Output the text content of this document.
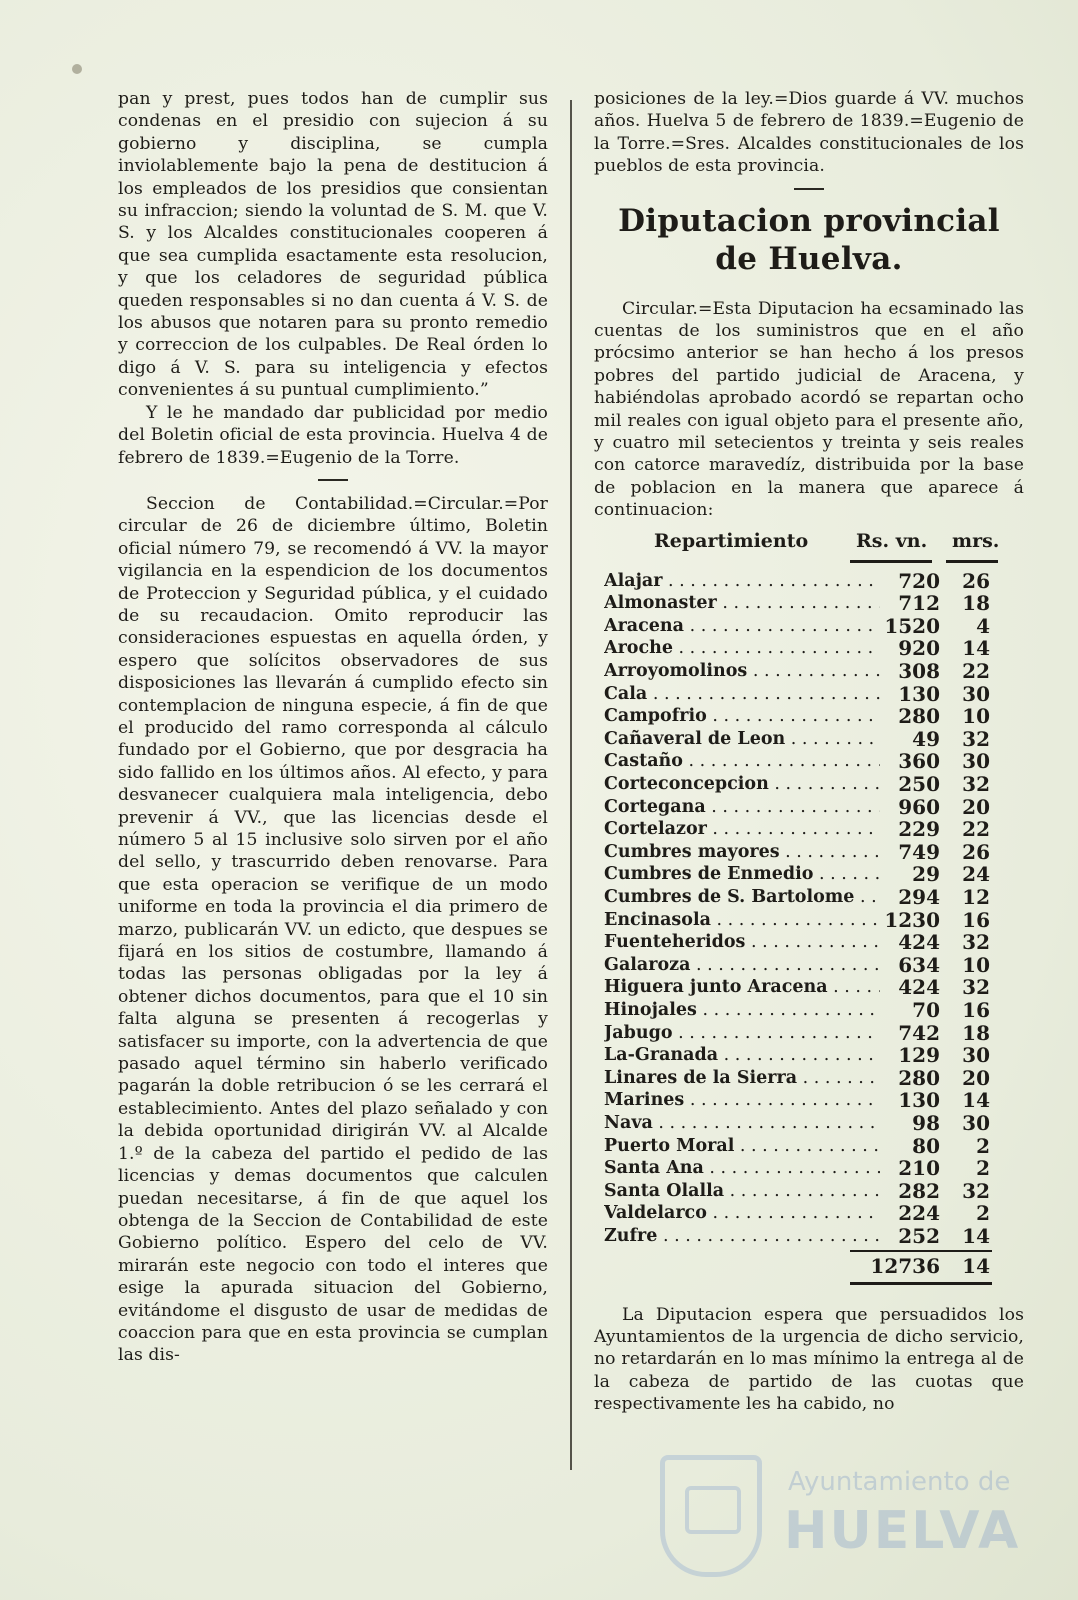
pan y prest, pues todos han de cumplir sus condenas en el presidio con sujecion á su gobierno y disciplina, se cumpla inviolablemente bajo la pena de destitucion á los empleados de los presidios que consientan su infraccion; siendo la voluntad de S. M. que V. S. y los Alcaldes constitucionales cooperen á que sea cumplida esactamente esta resolucion, y que los celadores de seguridad pública queden responsables si no dan cuenta á V. S. de los abusos que notaren para su pronto remedio y correccion de los culpables. De Real órden lo digo á V. S. para su inteligencia y efectos convenientes á su puntual cumplimiento.”

Y le he mandado dar publicidad por medio del Boletin oficial de esta provincia. Huelva 4 de febrero de 1839.=Eugenio de la Torre.

Seccion de Contabilidad.=Circular.=Por circular de 26 de diciembre último, Boletin oficial número 79, se recomendó á VV. la mayor vigilancia en la espendicion de los documentos de Proteccion y Seguridad pública, y el cuidado de su recaudacion. Omito reproducir las consideraciones espuestas en aquella órden, y espero que solícitos observadores de sus disposiciones las llevarán á cumplido efecto sin contemplacion de ninguna especie, á fin de que el producido del ramo corresponda al cálculo fundado por el Gobierno, que por desgracia ha sido fallido en los últimos años. Al efecto, y para desvanecer cualquiera mala inteligencia, debo prevenir á VV., que las licencias desde el número 5 al 15 inclusive solo sirven por el año del sello, y trascurrido deben renovarse. Para que esta operacion se verifique de un modo uniforme en toda la provincia el dia primero de marzo, publicarán VV. un edicto, que despues se fijará en los sitios de costumbre, llamando á todas las personas obligadas por la ley á obtener dichos documentos, para que el 10 sin falta alguna se presenten á recogerlas y satisfacer su importe, con la advertencia de que pasado aquel término sin haberlo verificado pagarán la doble retribucion ó se les cerrará el establecimiento. Antes del plazo señalado y con la debida oportunidad dirigirán VV. al Alcalde 1.º de la cabeza del partido el pedido de las licencias y demas documentos que calculen puedan necesitarse, á fin de que aquel los obtenga de la Seccion de Contabilidad de este Gobierno político. Espero del celo de VV. mirarán este negocio con todo el interes que esige la apurada situacion del Gobierno, evitándome el disgusto de usar de medidas de coaccion para que en esta provincia se cumplan las dis-

posiciones de la ley.=Dios guarde á VV. muchos años. Huelva 5 de febrero de 1839.=Eugenio de la Torre.=Sres. Alcaldes constitucionales de los pueblos de esta provincia.

Diputacion provincial de Huelva.

Circular.=Esta Diputacion ha ecsaminado las cuentas de los suministros que en el año prócsimo anterior se han hecho á los presos pobres del partido judicial de Aracena, y habiéndolas aprobado acordó se repartan ocho mil reales con igual objeto para el presente año, y cuatro mil setecientos y treinta y seis reales con catorce maravedíz, distribuida por la base de poblacion en la manera que aparece á continuacion:

Repartimiento	Rs. vn. mrs.
Alajar . . .	720 26
Almonaster . . .	712 18
Aracena . . .	1520 4
Aroche . . .	920 14
Arroyomolinos . . .	308 22
Cala . . .	130 30
Campofrio . . .	280 10
Cañaveral de Leon . . .	49 32
Castaño . . .	360 30
Corteconcepcion . . .	250 32
Cortegana . . .	960 20
Cortelazor . . .	229 22
Cumbres mayores . . .	749 26
Cumbres de Enmedio . . .	29 24
Cumbres de S. Bartolome . . .	294 12
Encinasola . . .	1230 16
Fuenteheridos . . .	424 32
Galaroza . . .	634 10
Higuera junto Aracena . . .	424 32
Hinojales . . .	70 16
Jabugo . . .	742 18
La-Granada . . .	129 30
Linares de la Sierra . . .	280 20
Marines . . .	130 14
Nava . . .	98 30
Puerto Moral . . .	80 2
Santa Ana . . .	210 2
Santa Olalla . . .	282 32
Valdelarco . . .	224 2
Zufre . . .	252 14
12736 14

La Diputacion espera que persuadidos los Ayuntamientos de la urgencia de dicho servicio, no retardarán en lo mas mínimo la entrega al de la cabeza de partido de las cuotas que respectivamente les ha cabido, no

Ayuntamiento de
HUELVA
